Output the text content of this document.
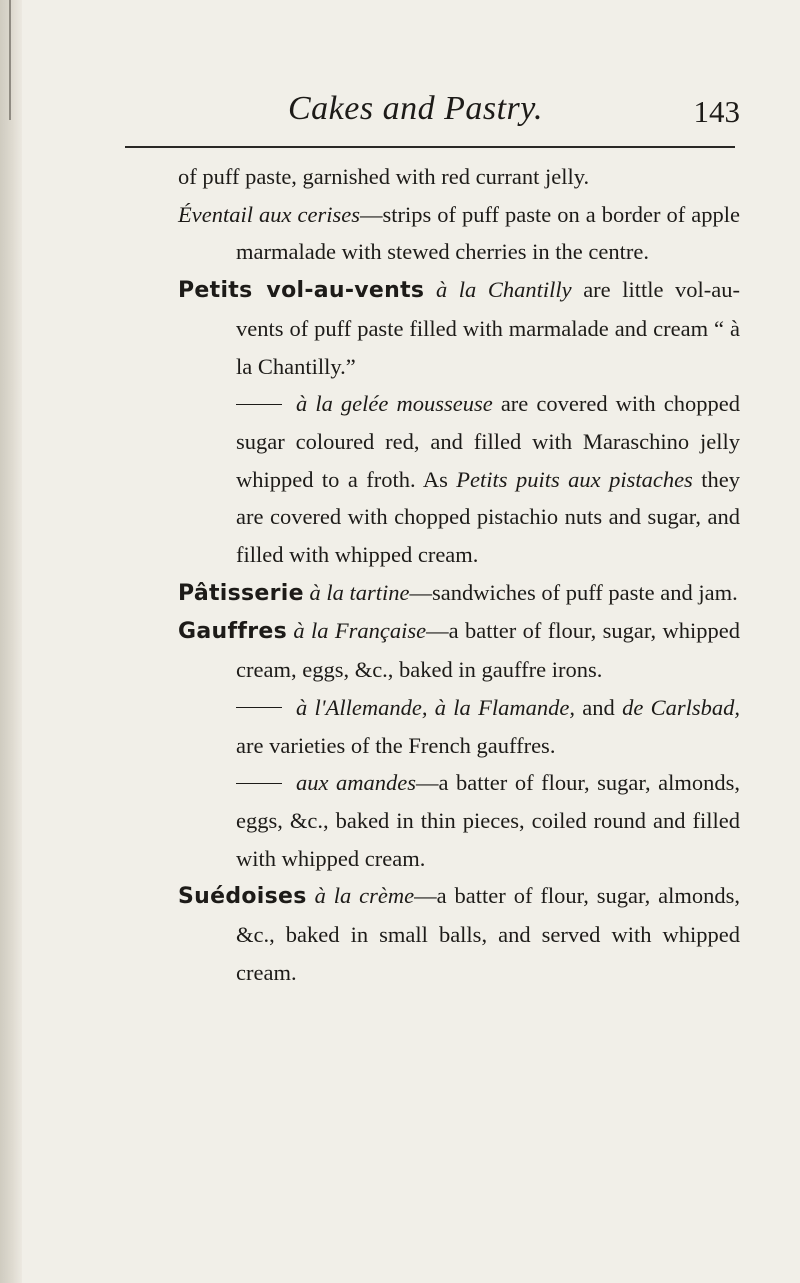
Cakes and Pastry.	143

of puff paste, garnished with red currant jelly.

Éventail aux cerises—strips of puff paste on a border of apple marmalade with stewed cherries in the centre.

Petits vol-au-vents à la Chantilly are little vol-au-vents of puff paste filled with marmalade and cream “ à la Chantilly.”

à la gelée mousseuse are covered with chopped sugar coloured red, and filled with Maraschino jelly whipped to a froth. As Petits puits aux pistaches they are covered with chopped pistachio nuts and sugar, and filled with whipped cream.

Pâtisserie à la tartine—sandwiches of puff paste and jam.

Gauffres à la Française—a batter of flour, sugar, whipped cream, eggs, &c., baked in gauffre irons.

à l'Allemande, à la Flamande, and de Carlsbad, are varieties of the French gauffres.

aux amandes—a batter of flour, sugar, almonds, eggs, &c., baked in thin pieces, coiled round and filled with whipped cream.

Suédoises à la crème—a batter of flour, sugar, almonds, &c., baked in small balls, and served with whipped cream.
